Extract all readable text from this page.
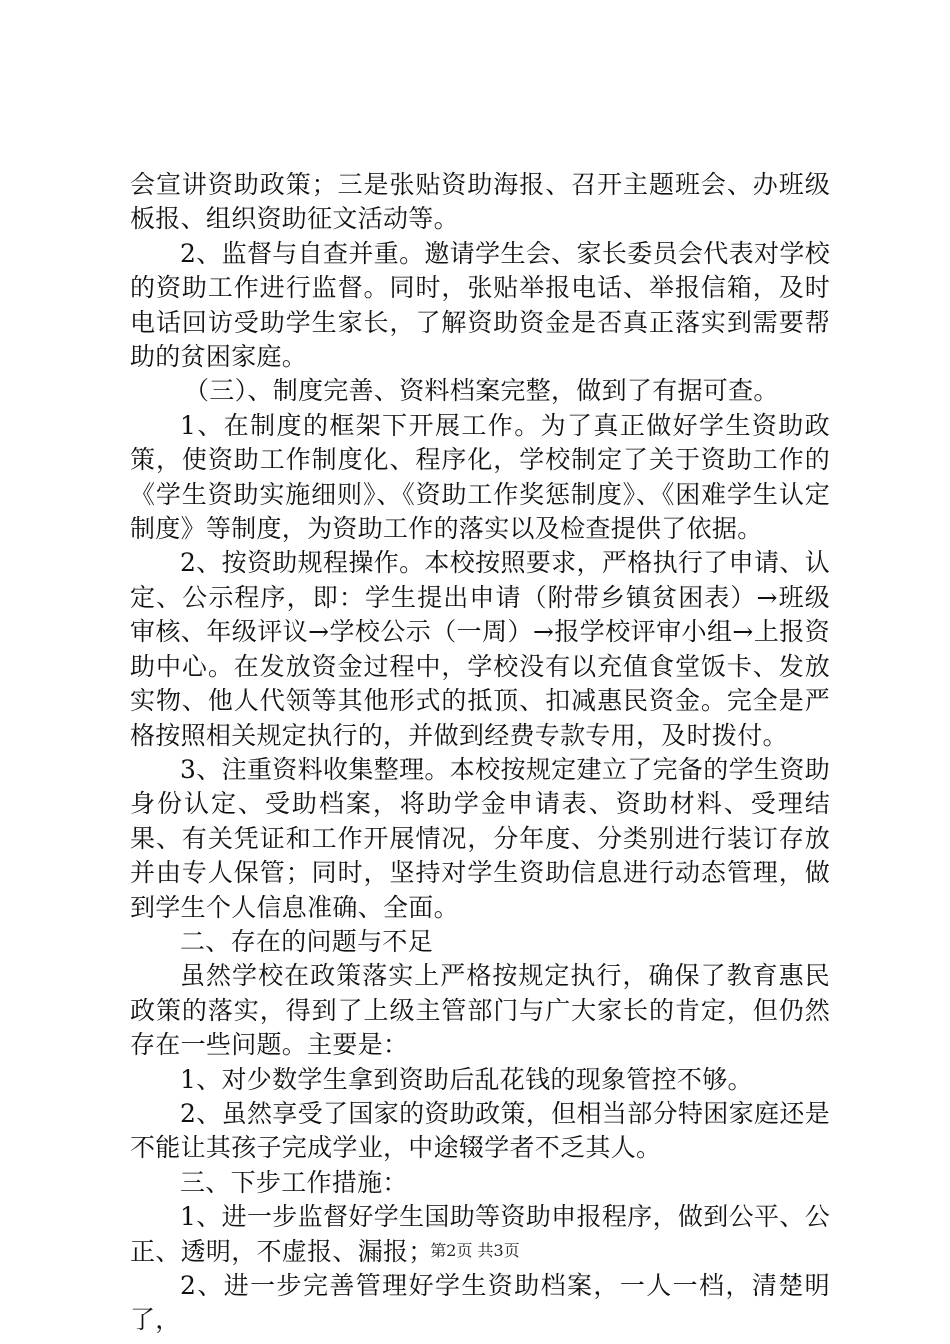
会宣讲资助政策；三是张贴资助海报、召开主题班会、办班级板报、组织资助征文活动等。

2、监督与自查并重。邀请学生会、家长委员会代表对学校的资助工作进行监督。同时，张贴举报电话、举报信箱，及时电话回访受助学生家长，了解资助资金是否真正落实到需要帮助的贫困家庭。

（三）、制度完善、资料档案完整，做到了有据可查。

1、在制度的框架下开展工作。为了真正做好学生资助政策，使资助工作制度化、程序化，学校制定了关于资助工作的《学生资助实施细则》、《资助工作奖惩制度》、《困难学生认定制度》等制度，为资助工作的落实以及检查提供了依据。

2、按资助规程操作。本校按照要求，严格执行了申请、认定、公示程序，即：学生提出申请（附带乡镇贫困表）→班级审核、年级评议→学校公示（一周）→报学校评审小组→上报资助中心。在发放资金过程中，学校没有以充值食堂饭卡、发放实物、他人代领等其他形式的抵顶、扣减惠民资金。完全是严格按照相关规定执行的，并做到经费专款专用，及时拨付。

3、注重资料收集整理。本校按规定建立了完备的学生资助身份认定、受助档案，将助学金申请表、资助材料、受理结果、有关凭证和工作开展情况，分年度、分类别进行装订存放并由专人保管；同时，坚持对学生资助信息进行动态管理，做到学生个人信息准确、全面。

二、存在的问题与不足

虽然学校在政策落实上严格按规定执行，确保了教育惠民政策的落实，得到了上级主管部门与广大家长的肯定，但仍然存在一些问题。主要是：

1、对少数学生拿到资助后乱花钱的现象管控不够。

2、虽然享受了国家的资助政策，但相当部分特困家庭还是不能让其孩子完成学业，中途辍学者不乏其人。

三、下步工作措施：

1、进一步监督好学生国助等资助申报程序，做到公平、公正、透明，不虚报、漏报；

2、进一步完善管理好学生资助档案，一人一档，清楚明了，

第2页 共3页
